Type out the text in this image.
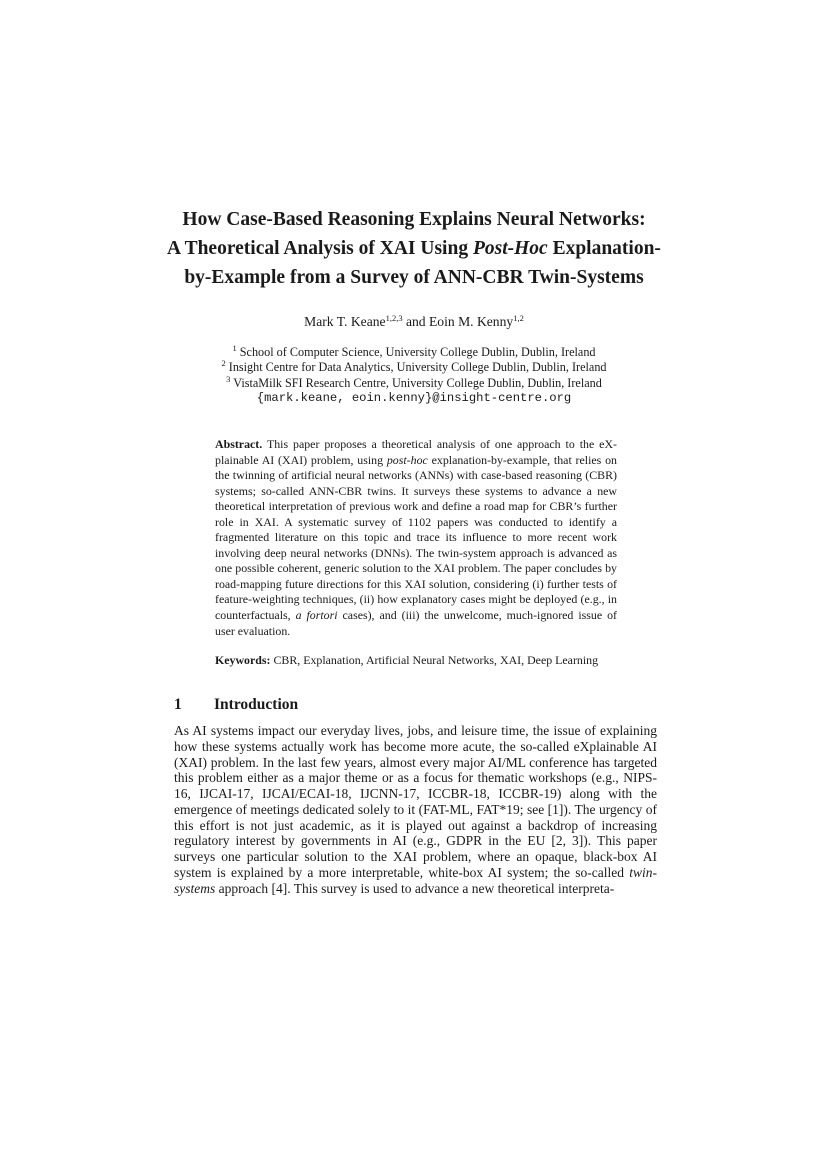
How Case-Based Reasoning Explains Neural Networks:
A Theoretical Analysis of XAI Using Post-Hoc Explanation-
by-Example from a Survey of ANN-CBR Twin-Systems
Mark T. Keane$^{1,2,3}$ and Eoin M. Kenny$^{1,2}$
$^1$ School of Computer Science, University College Dublin, Dublin, Ireland
$^2$ Insight Centre for Data Analytics, University College Dublin, Dublin, Ireland
$^3$ VistaMilk SFI Research Centre, University College Dublin, Dublin, Ireland
{mark.keane, eoin.kenny}@insight-centre.org

Abstract. This paper proposes a theoretical analysis of one approach to the eXplainable AI (XAI) problem, using post-hoc explanation-by-example, that relies on the twinning of artificial neural networks (ANNs) with case-based reasoning (CBR) systems; so-called ANN-CBR twins. It surveys these systems to advance a new theoretical interpretation of previous work and define a road map for CBR’s further role in XAI. A systematic survey of 1102 papers was conducted to identify a fragmented literature on this topic and trace its influence to more recent work involving deep neural networks (DNNs). The twin-system approach is advanced as one possible coherent, generic solution to the XAI problem. The paper concludes by road-mapping future directions for this XAI solution, considering (i) further tests of feature-weighting techniques, (ii) how explanatory cases might be deployed (e.g., in counterfactuals, a fortori cases), and (iii) the unwelcome, much-ignored issue of user evaluation.

Keywords: CBR, Explanation, Artificial Neural Networks, XAI, Deep Learning
1 Introduction

As AI systems impact our everyday lives, jobs, and leisure time, the issue of explaining how these systems actually work has become more acute, the so-called eXplainable AI (XAI) problem. In the last few years, almost every major AI/ML conference has targeted this problem either as a major theme or as a focus for thematic workshops (e.g., NIPS-16, IJCAI-17, IJCAI/ECAI-18, IJCNN-17, ICCBR-18, ICCBR-19) along with the emergence of meetings dedicated solely to it (FAT-ML, FAT*19; see [1]). The urgency of this effort is not just academic, as it is played out against a backdrop of increasing regulatory interest by governments in AI (e.g., GDPR in the EU [2, 3]). This paper surveys one particular solution to the XAI problem, where an opaque, black-box AI system is explained by a more interpretable, white-box AI system; the so-called twin-systems approach [4]. This survey is used to advance a new theoretical interpreta-
